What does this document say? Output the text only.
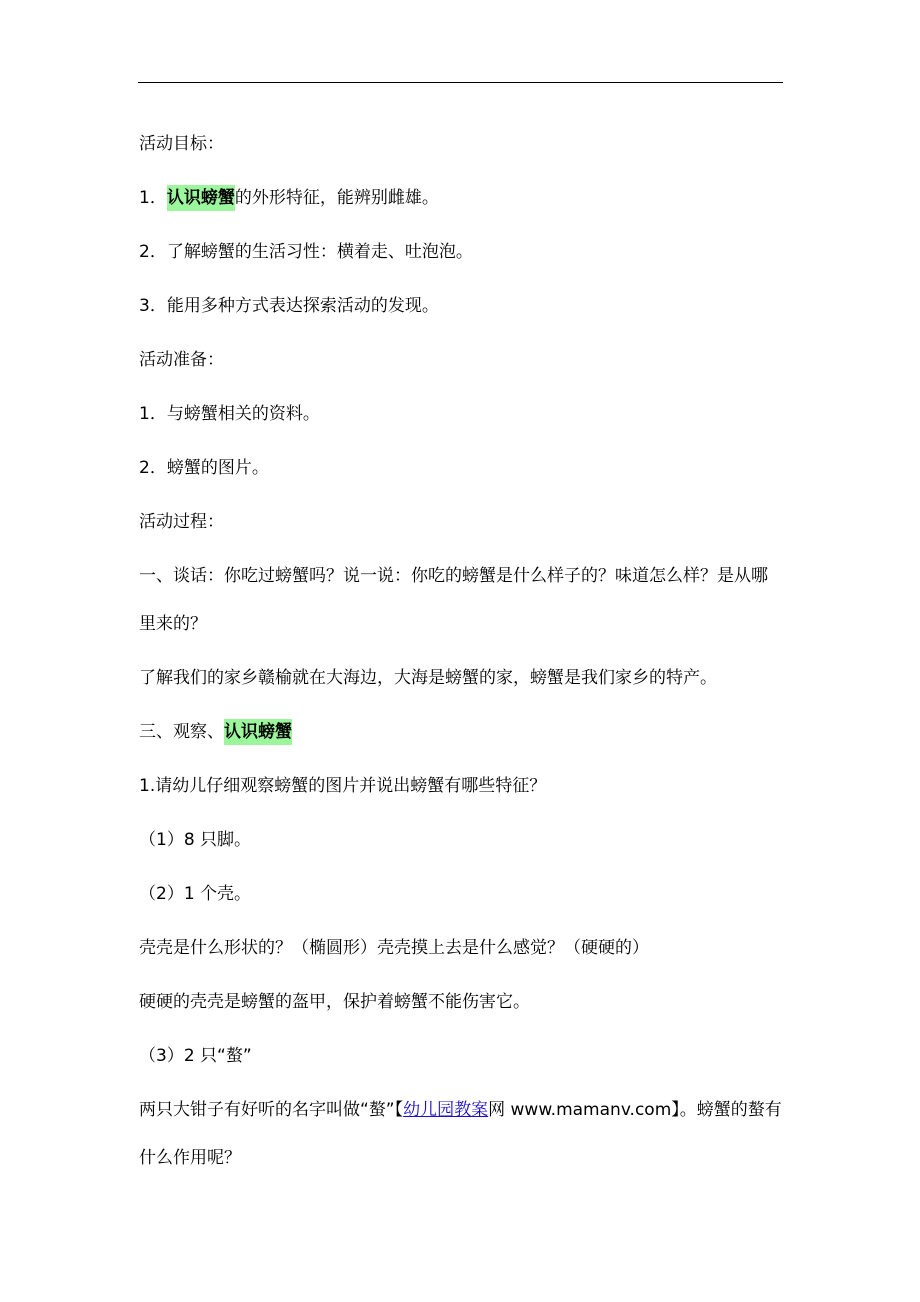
活动目标：

1．认识螃蟹的外形特征，能辨别雌雄。

2．了解螃蟹的生活习性：横着走、吐泡泡。

3．能用多种方式表达探索活动的发现。

活动准备：

1．与螃蟹相关的资料。

2．螃蟹的图片。

活动过程：

一、谈话：你吃过螃蟹吗？说一说：你吃的螃蟹是什么样子的？味道怎么样？是从哪里来的？

了解我们的家乡赣榆就在大海边，大海是螃蟹的家，螃蟹是我们家乡的特产。

三、观察、认识螃蟹

1.请幼儿仔细观察螃蟹的图片并说出螃蟹有哪些特征？

（1）8 只脚。

（2）1 个壳。

壳壳是什么形状的？（椭圆形）壳壳摸上去是什么感觉？（硬硬的）

硬硬的壳壳是螃蟹的盔甲，保护着螃蟹不能伤害它。

（3）2 只“螯”

两只大钳子有好听的名字叫做“螯”【幼儿园教案网 www.mamanv.com】。螃蟹的螯有什么作用呢？
